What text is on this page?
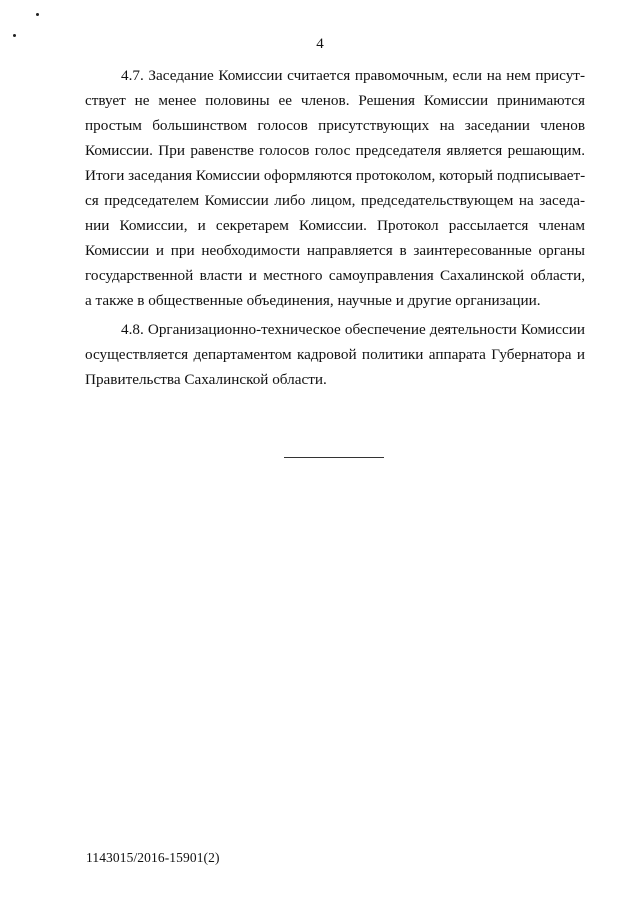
4
4.7. Заседание Комиссии считается правомочным, если на нем присут-
ствует не менее половины ее членов. Решения Комиссии принимаются
простым большинством голосов присутствующих на заседании членов
Комиссии. При равенстве голосов голос председателя является решающим.
Итоги заседания Комиссии оформляются протоколом, который подписывает-
ся председателем Комиссии либо лицом, председательствующем на заседа-
нии Комиссии, и секретарем Комиссии. Протокол рассылается членам
Комиссии и при необходимости направляется в заинтересованные органы
государственной власти и местного самоуправления Сахалинской области,
а также в общественные объединения, научные и другие организации.
4.8. Организационно-техническое обеспечение деятельности Комиссии
осуществляется департаментом кадровой политики аппарата Губернатора и
Правительства Сахалинской области.
1143015/2016-15901(2)
